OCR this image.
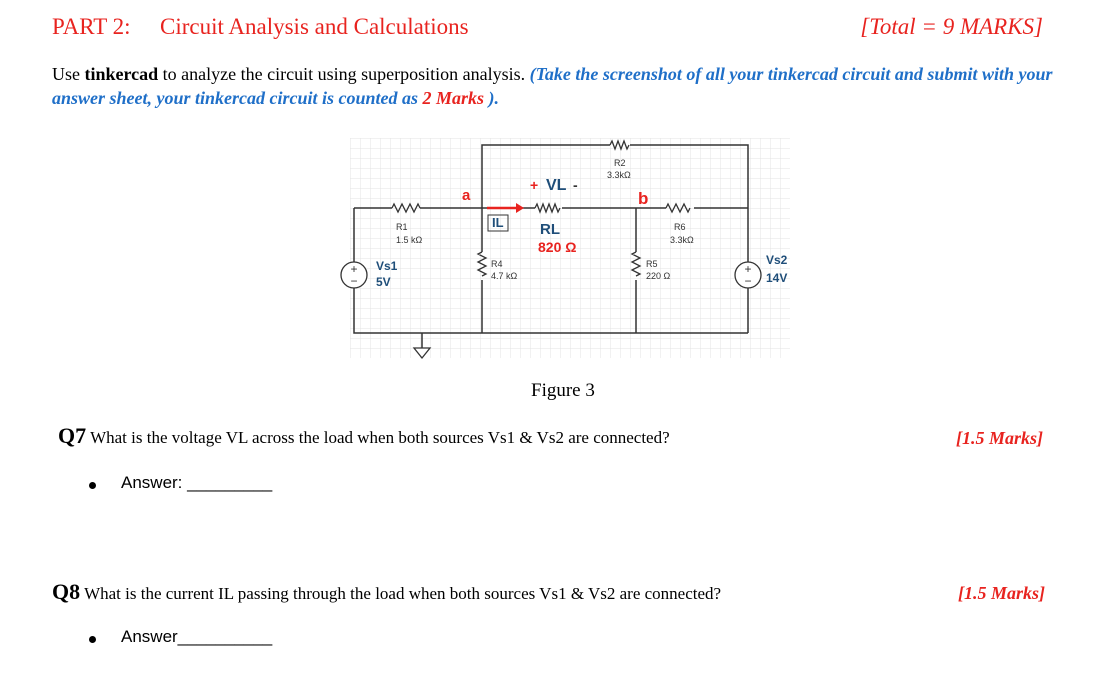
PART 2: Circuit Analysis and Calculations	[Total = 9 MARKS]
Use tinkercad to analyze the circuit using superposition analysis. (Take the screenshot of all your tinkercad circuit and submit with your answer sheet, your tinkercad circuit is counted as 2 Marks ).
+
−
+
−
a	b
+ VL -
IL
R1
1.5 kΩ
R2
3.3kΩ
RL
820 Ω
R6
3.3kΩ
R4
4.7 kΩ
R5
220 Ω
Vs1
5V
Vs2
14V
Figure 3
Q7 What is the voltage VL across the load when both sources Vs1 & Vs2 are connected?	[1.5 Marks]
Answer: _________
Q8 What is the current IL passing through the load when both sources Vs1 & Vs2 are connected?	[1.5 Marks]
Answer__________
